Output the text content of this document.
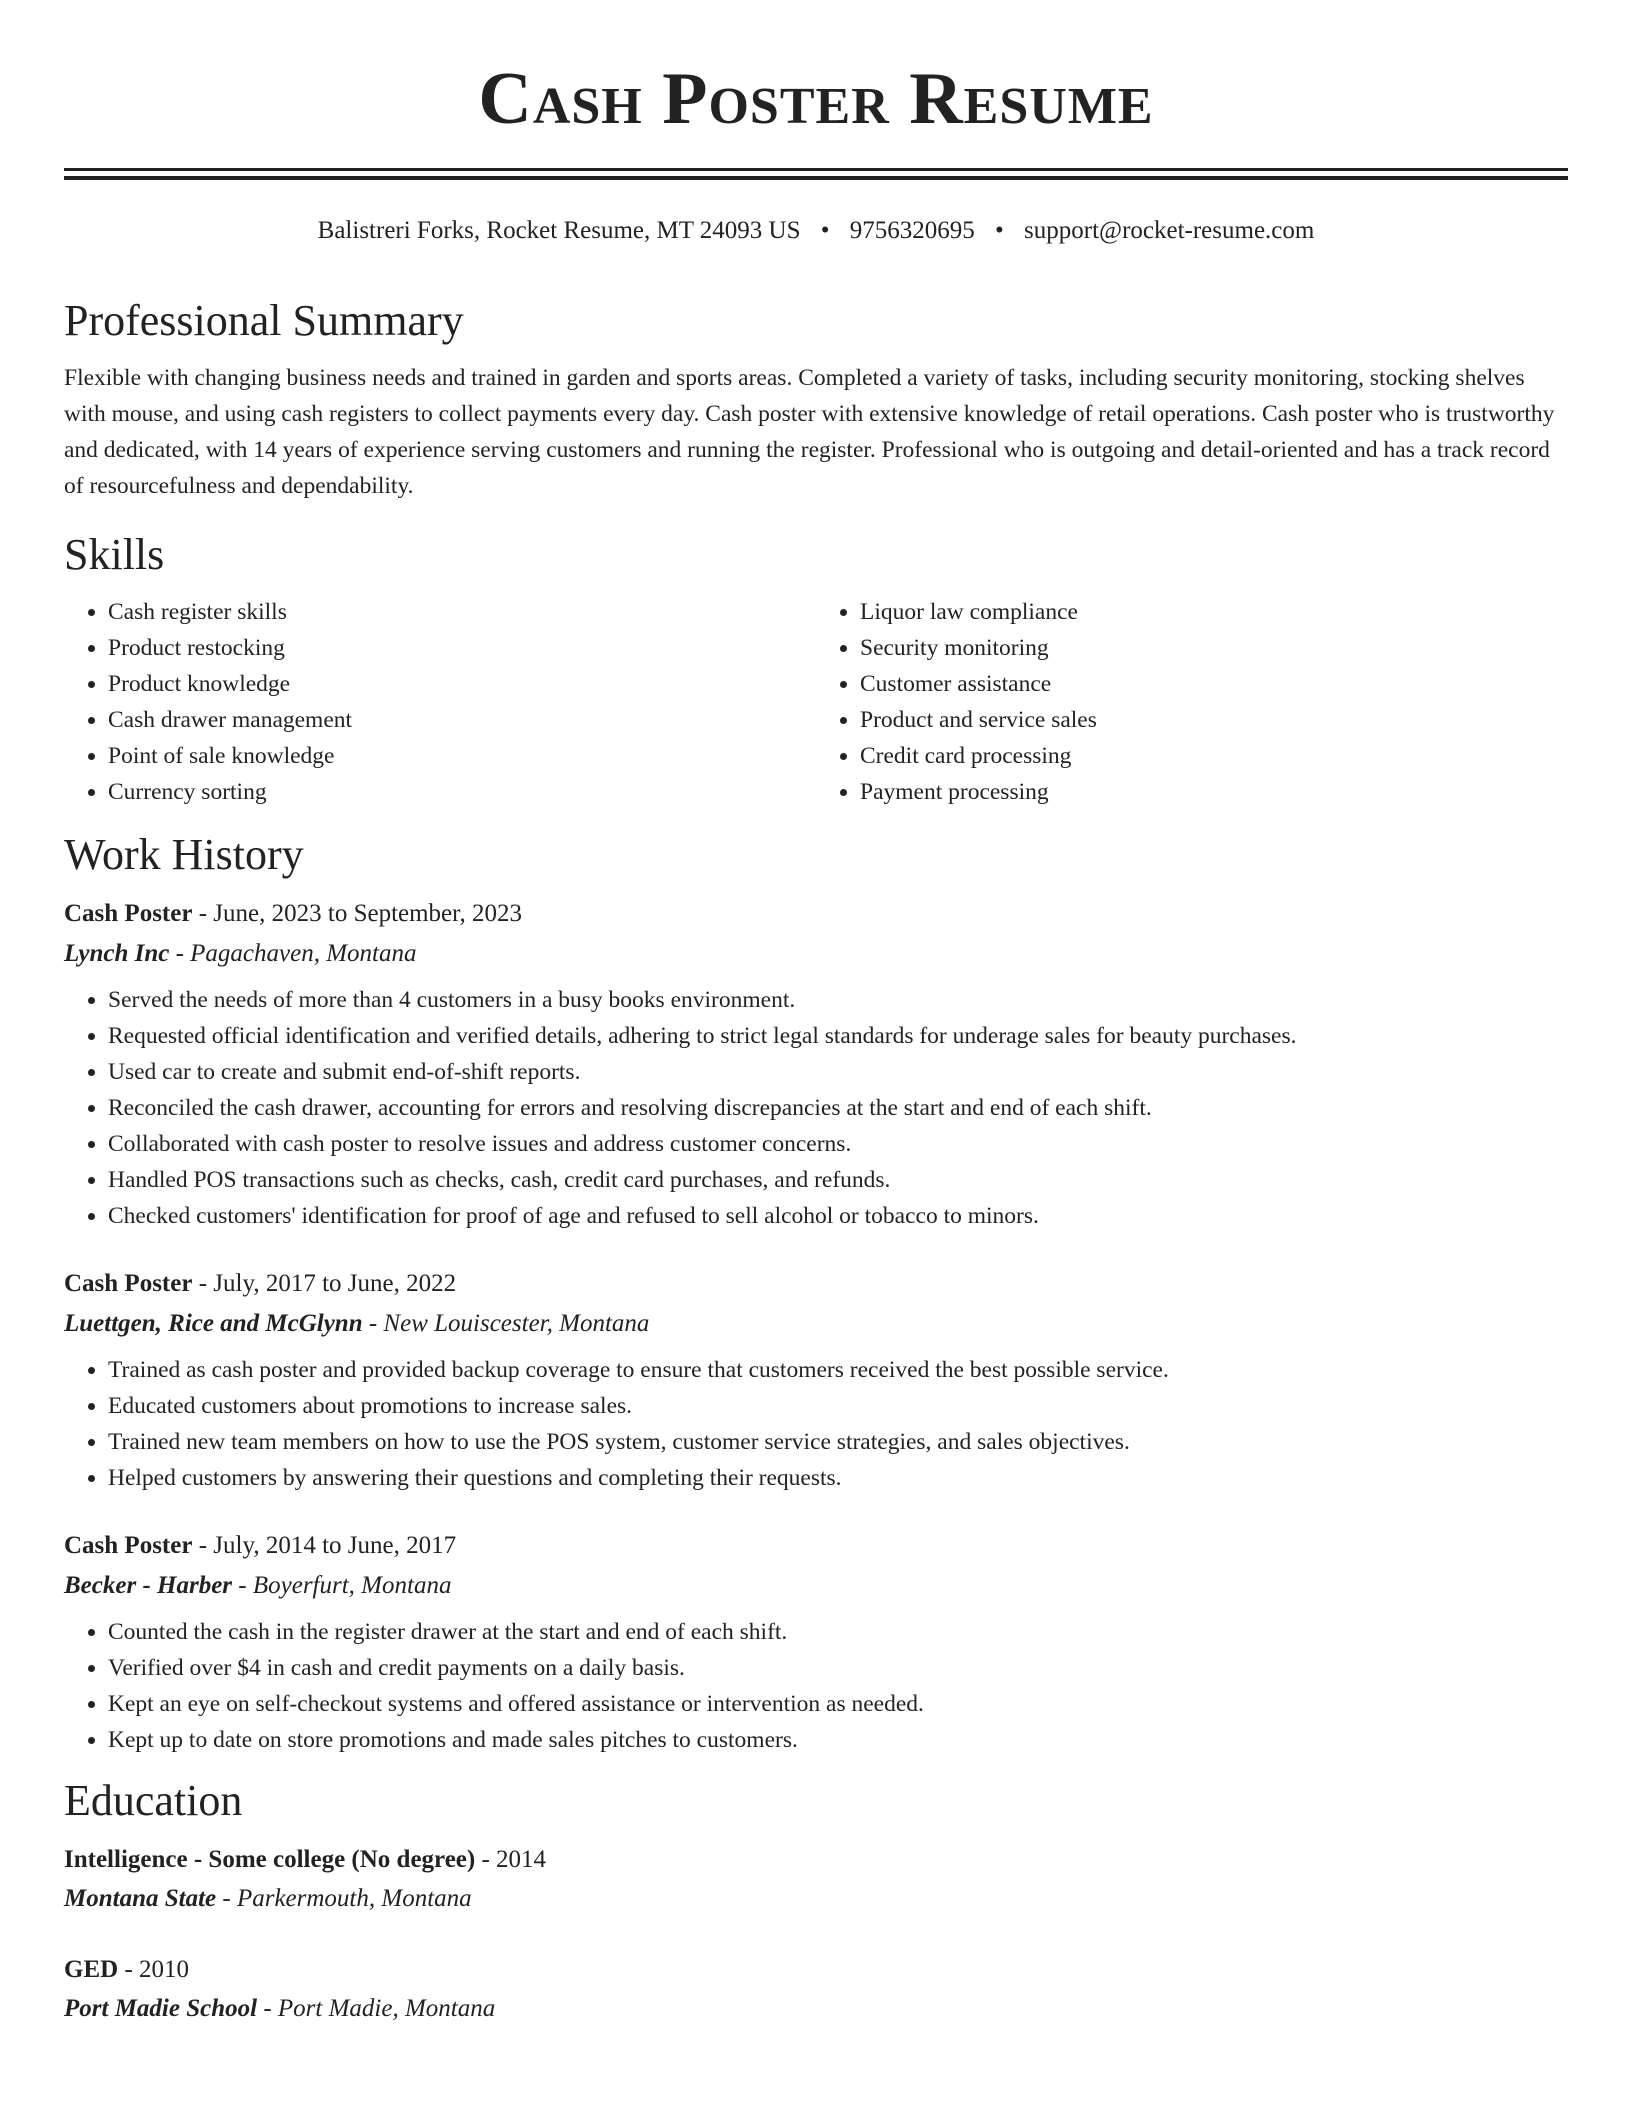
Cash Poster Resume
Balistreri Forks, Rocket Resume, MT 24093 US • 9756320695 • support@rocket-resume.com
Professional Summary

Flexible with changing business needs and trained in garden and sports areas. Completed a variety of tasks, including security monitoring, stocking shelves with mouse, and using cash registers to collect payments every day. Cash poster with extensive knowledge of retail operations. Cash poster who is trustworthy and dedicated, with 14 years of experience serving customers and running the register. Professional who is outgoing and detail-oriented and has a track record of resourcefulness and dependability.

Skills
• Cash register skills
• Product restocking
• Product knowledge
• Cash drawer management
• Point of sale knowledge
• Currency sorting
• Liquor law compliance
• Security monitoring
• Customer assistance
• Product and service sales
• Credit card processing
• Payment processing
Work History

Cash Poster - June, 2023 to September, 2023

Lynch Inc - Pagachaven, Montana

• Served the needs of more than 4 customers in a busy books environment.
• Requested official identification and verified details, adhering to strict legal standards for underage sales for beauty purchases.
• Used car to create and submit end-of-shift reports.
• Reconciled the cash drawer, accounting for errors and resolving discrepancies at the start and end of each shift.
• Collaborated with cash poster to resolve issues and address customer concerns.
• Handled POS transactions such as checks, cash, credit card purchases, and refunds.
• Checked customers' identification for proof of age and refused to sell alcohol or tobacco to minors.

Cash Poster - July, 2017 to June, 2022

Luettgen, Rice and McGlynn - New Louiscester, Montana

• Trained as cash poster and provided backup coverage to ensure that customers received the best possible service.
• Educated customers about promotions to increase sales.
• Trained new team members on how to use the POS system, customer service strategies, and sales objectives.
• Helped customers by answering their questions and completing their requests.

Cash Poster - July, 2014 to June, 2017

Becker - Harber - Boyerfurt, Montana

• Counted the cash in the register drawer at the start and end of each shift.
• Verified over $4 in cash and credit payments on a daily basis.
• Kept an eye on self-checkout systems and offered assistance or intervention as needed.
• Kept up to date on store promotions and made sales pitches to customers.
Education

Intelligence - Some college (No degree) - 2014

Montana State - Parkermouth, Montana

GED - 2010

Port Madie School - Port Madie, Montana
